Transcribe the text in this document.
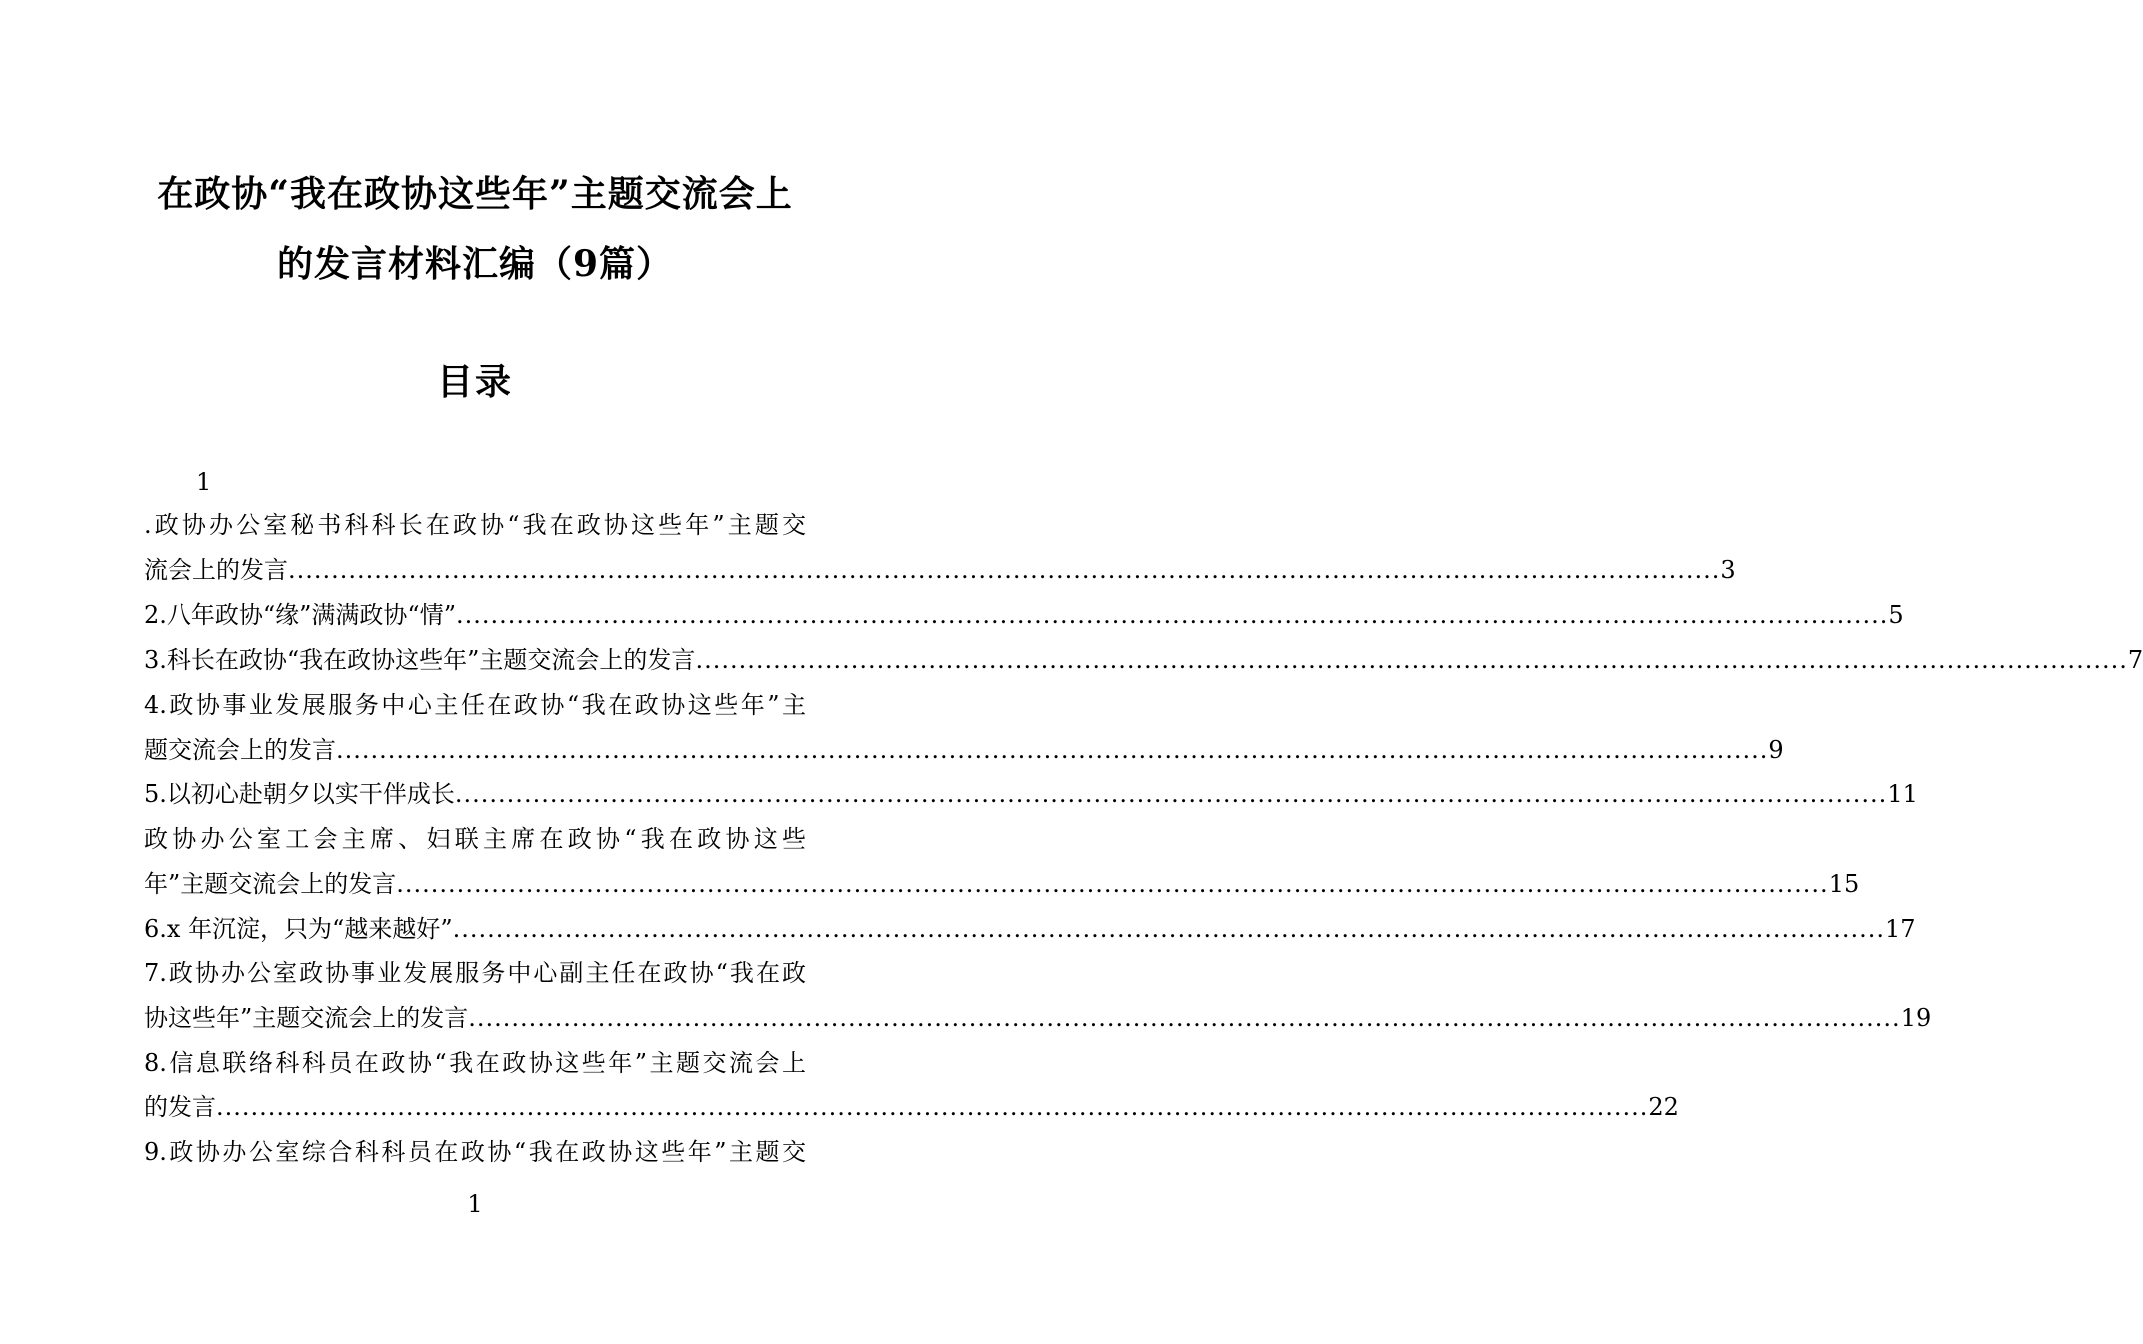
在政协“我在政协这些年”主题交流会上
的发言材料汇编（9篇）
目录
1
.政协办公室秘书科科长在政协“我在政协这些年”主题交
流会上的发言 ...................................................................................................................................................................... 3
2.八年政协“缘”满满政协“情” ...................................................................................................................................................................... 5
3.科长在政协“我在政协这些年”主题交流会上的发言 ...................................................................................................................................................................... 7
4.政协事业发展服务中心主任在政协“我在政协这些年”主
题交流会上的发言 ...................................................................................................................................................................... 9
5.以初心赴朝夕以实干伴成长 ...................................................................................................................................................................... 11
政协办公室工会主席、妇联主席在政协“我在政协这些
年”主题交流会上的发言 ...................................................................................................................................................................... 15
6.x 年沉淀，只为“越来越好” ...................................................................................................................................................................... 17
7.政协办公室政协事业发展服务中心副主任在政协“我在政
协这些年”主题交流会上的发言 ...................................................................................................................................................................... 19
8.信息联络科科员在政协“我在政协这些年”主题交流会上
的发言 ...................................................................................................................................................................... 22
9.政协办公室综合科科员在政协“我在政协这些年”主题交
1
